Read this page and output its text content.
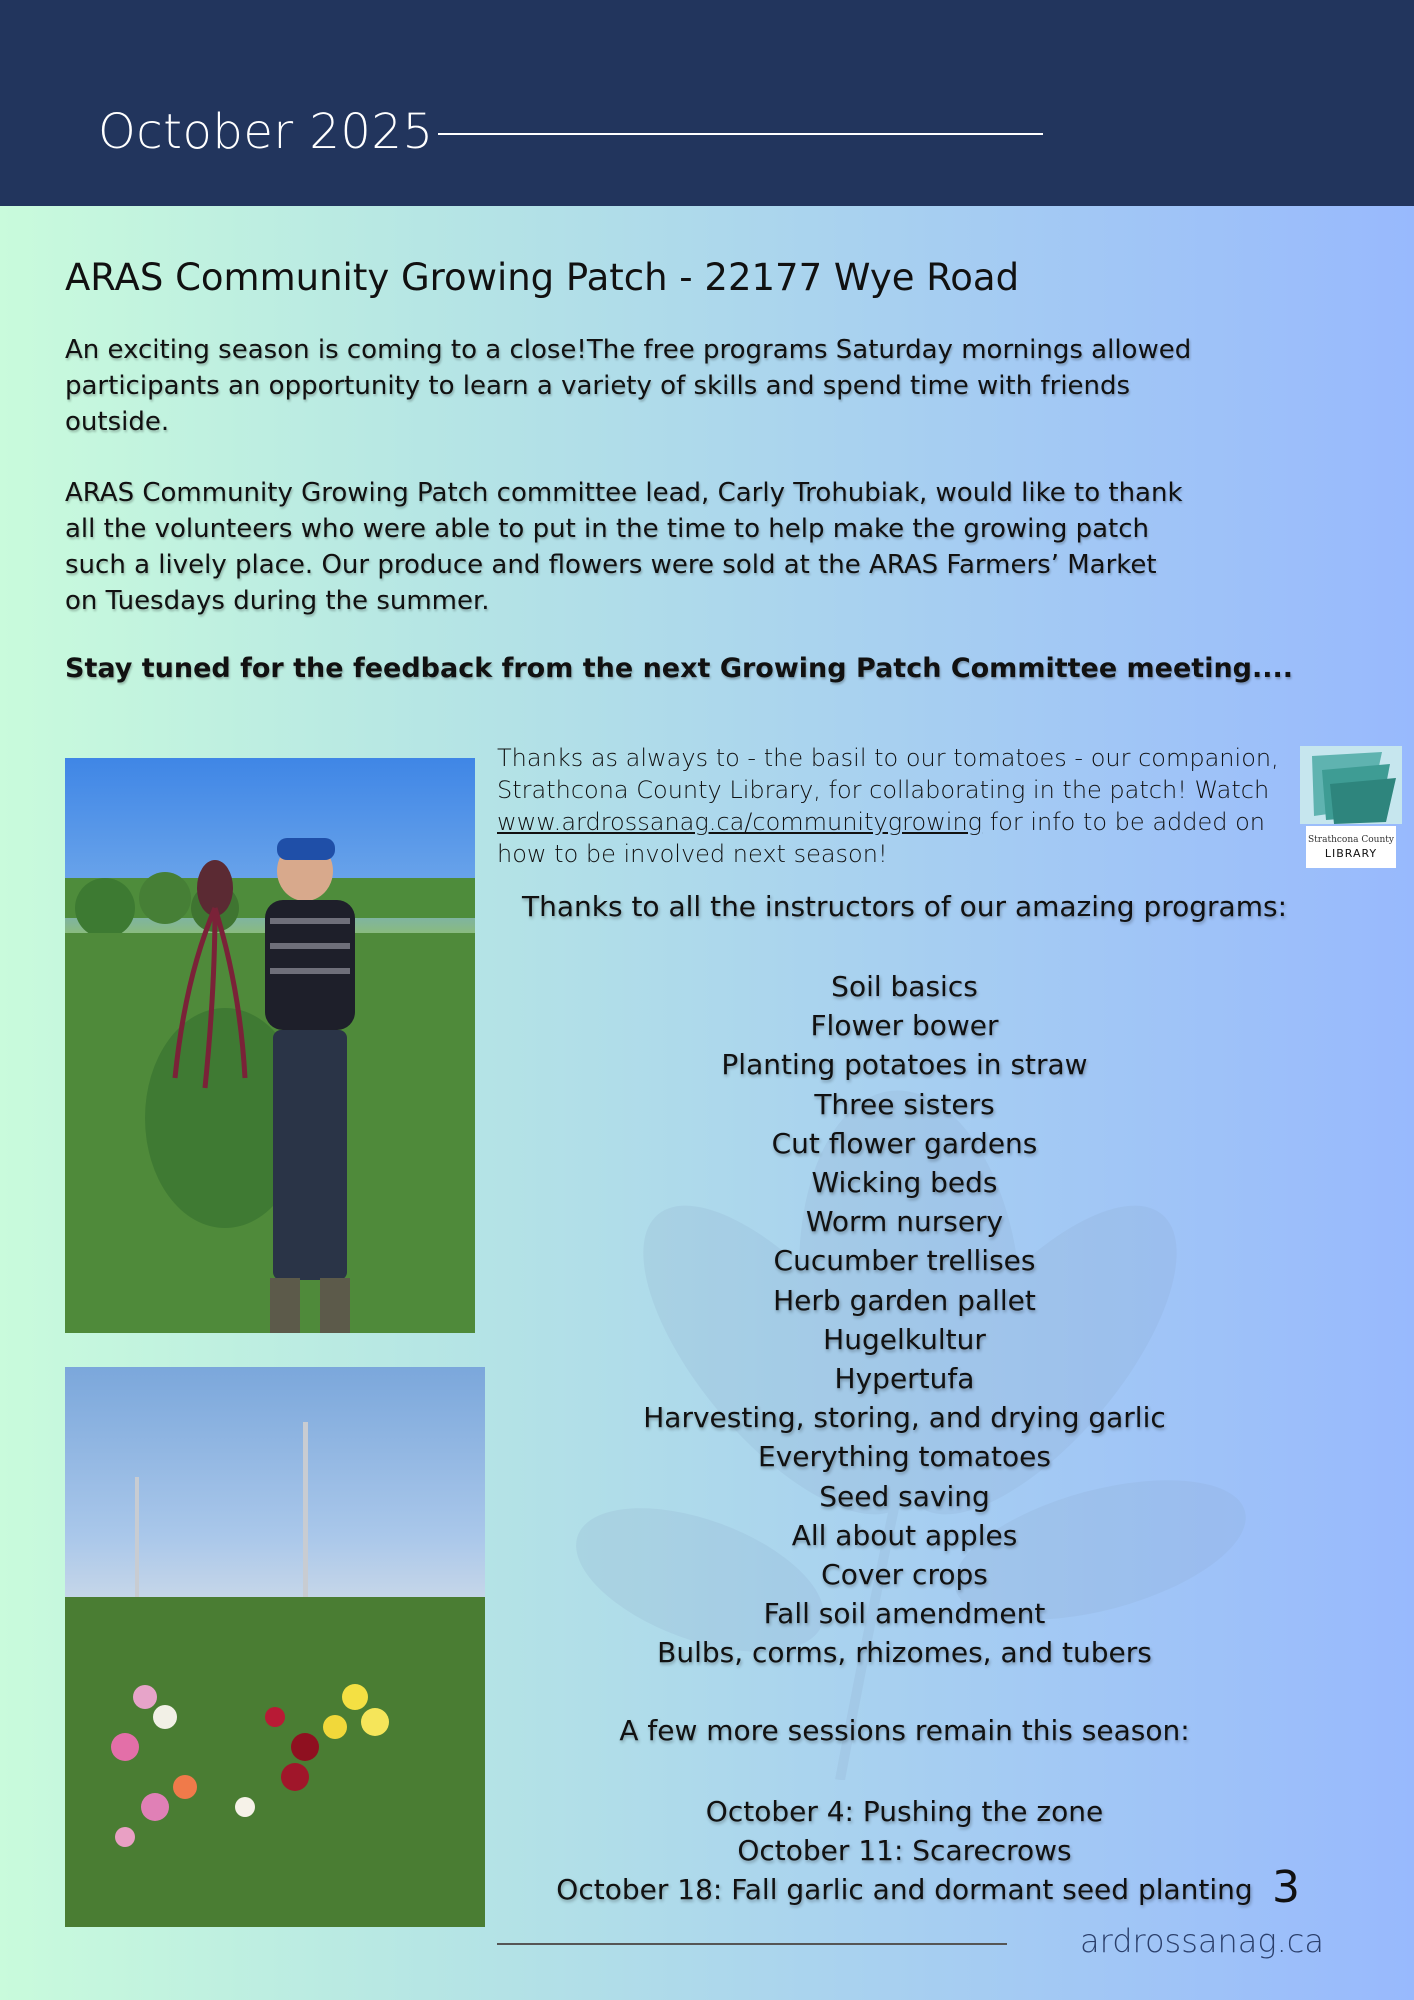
October 2025
ARAS Community Growing Patch - 22177 Wye Road

An exciting season is coming to a close!The free programs Saturday mornings allowed participants an opportunity to learn a variety of skills and spend time with friends outside.

ARAS Community Growing Patch committee lead, Carly Trohubiak, would like to thank all the volunteers who were able to put in the time to help make the growing patch such a lively place. Our produce and flowers were sold at the ARAS Farmers’ Market on Tuesdays during the summer.

Stay tuned for the feedback from the next Growing Patch Committee meeting....
Thanks as always to - the basil to our tomatoes - our companion, Strathcona County Library, for collaborating in the patch! Watch www.ardrossanag.ca/communitygrowing for info to be added on how to be involved next season!	Strathcona County
LIBRARY
Thanks to all the instructors of our amazing programs:
Soil basics
Flower bower
Planting potatoes in straw
Three sisters
Cut flower gardens
Wicking beds
Worm nursery
Cucumber trellises
Herb garden pallet
Hugelkultur
Hypertufa
Harvesting, storing, and drying garlic
Everything tomatoes
Seed saving
All about apples
Cover crops
Fall soil amendment
Bulbs, corms, rhizomes, and tubers
A few more sessions remain this season:
October 4: Pushing the zone
October 11: Scarecrows
October 18: Fall garlic and dormant seed planting 3
ardrossanag.ca
